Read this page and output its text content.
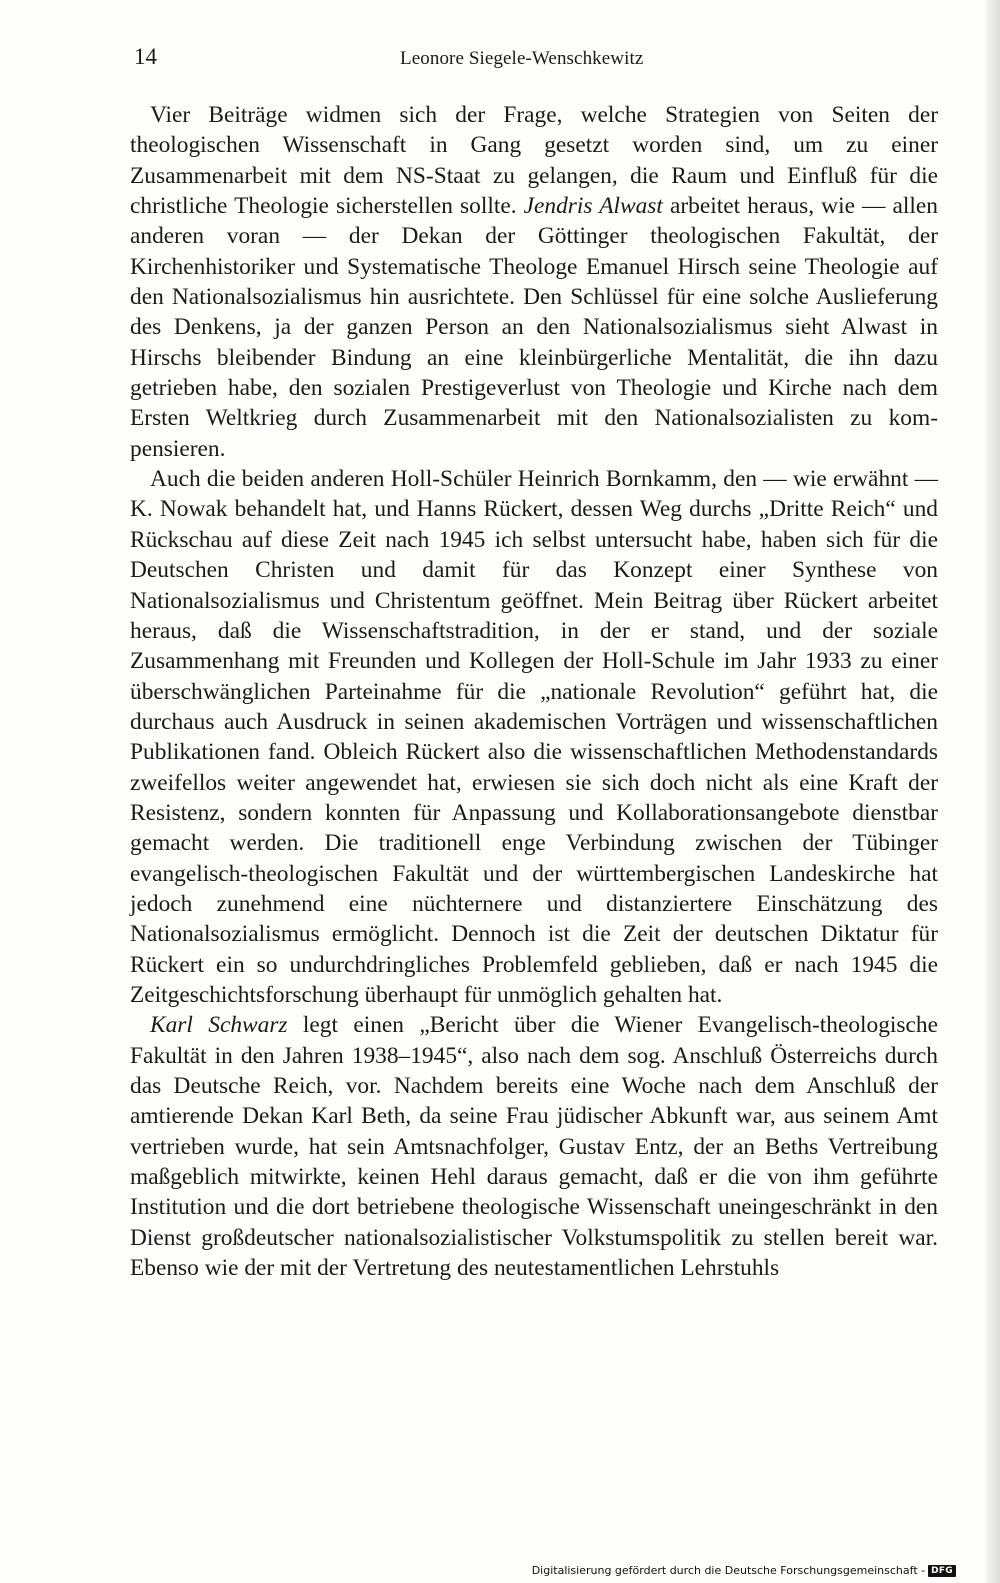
14	Leonore Siegele-Wenschkewitz

Vier Beiträge widmen sich der Frage, welche Strategien von Seiten der theologischen Wissenschaft in Gang gesetzt worden sind, um zu einer Zusammenarbeit mit dem NS-Staat zu gelangen, die Raum und Einfluß für die christliche Theologie sicherstellen sollte. Jendris Alwast arbeitet heraus, wie — allen anderen voran — der Dekan der Göttinger theologischen Fakultät, der Kirchenhistoriker und Systematische Theologe Emanuel Hirsch seine Theologie auf den Nationalsozialismus hin ausrichtete. Den Schlüssel für eine solche Auslieferung des Denkens, ja der ganzen Person an den Nationalsozialismus sieht Alwast in Hirschs bleibender Bindung an eine kleinbürgerliche Mentalität, die ihn dazu getrieben habe, den sozialen Prestigeverlust von Theologie und Kirche nach dem Ersten Weltkrieg durch Zusammenarbeit mit den Nationalsozialisten zu kompensieren.

Auch die beiden anderen Holl-Schüler Heinrich Bornkamm, den — wie erwähnt — K. Nowak behandelt hat, und Hanns Rückert, dessen Weg durchs „Dritte Reich“ und Rückschau auf diese Zeit nach 1945 ich selbst untersucht habe, haben sich für die Deutschen Christen und damit für das Konzept einer Synthese von Nationalsozialismus und Christentum geöffnet. Mein Beitrag über Rückert arbeitet heraus, daß die Wissenschaftstradition, in der er stand, und der soziale Zusammenhang mit Freunden und Kollegen der Holl-Schule im Jahr 1933 zu einer überschwänglichen Parteinahme für die „nationale Revolution“ geführt hat, die durchaus auch Ausdruck in seinen akademischen Vorträgen und wissenschaftlichen Publikationen fand. Obleich Rückert also die wissenschaftlichen Methodenstandards zweifellos weiter angewendet hat, erwiesen sie sich doch nicht als eine Kraft der Resistenz, sondern konnten für Anpassung und Kollaborationsangebote dienstbar gemacht werden. Die traditionell enge Verbindung zwischen der Tübinger evangelisch-theologischen Fakultät und der württembergischen Landeskirche hat jedoch zunehmend eine nüchternere und distanziertere Einschätzung des Nationalsozialismus ermöglicht. Dennoch ist die Zeit der deutschen Diktatur für Rückert ein so undurchdringliches Problemfeld geblieben, daß er nach 1945 die Zeitgeschichtsforschung überhaupt für unmöglich gehalten hat.

Karl Schwarz legt einen „Bericht über die Wiener Evangelisch-theologische Fakultät in den Jahren 1938–1945“, also nach dem sog. Anschluß Österreichs durch das Deutsche Reich, vor. Nachdem bereits eine Woche nach dem Anschluß der amtierende Dekan Karl Beth, da seine Frau jüdischer Abkunft war, aus seinem Amt vertrieben wurde, hat sein Amtsnachfolger, Gustav Entz, der an Beths Vertreibung maßgeblich mitwirkte, keinen Hehl daraus gemacht, daß er die von ihm geführte Institution und die dort betriebene theologische Wissenschaft uneingeschränkt in den Dienst großdeutscher nationalsozialistischer Volkstumspolitik zu stellen bereit war. Ebenso wie der mit der Vertretung des neutestamentlichen Lehrstuhls

Digitalisierung gefördert durch die Deutsche Forschungsgemeinschaft - DFG
